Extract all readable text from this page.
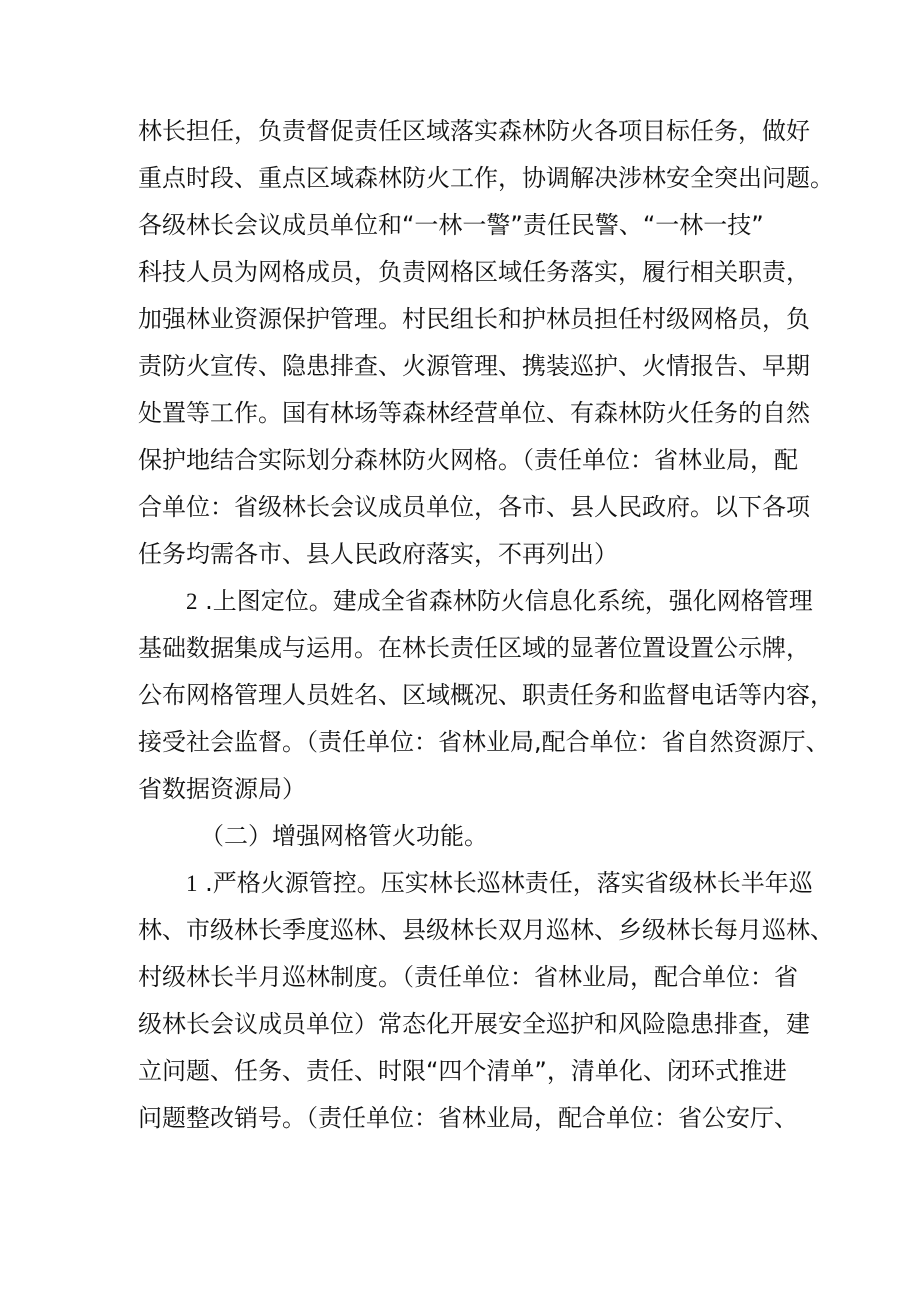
林长担任，负责督促责任区域落实森林防火各项目标任务，做好
重点时段、重点区域森林防火工作，协调解决涉林安全突出问题。
各级林长会议成员单位和“一林一警”责任民警、“一林一技”
科技人员为网格成员，负责网格区域任务落实，履行相关职责，
加强林业资源保护管理。村民组长和护林员担任村级网格员，负
责防火宣传、隐患排查、火源管理、携装巡护、火情报告、早期
处置等工作。国有林场等森林经营单位、有森林防火任务的自然
保护地结合实际划分森林防火网格。（责任单位：省林业局，配
合单位：省级林长会议成员单位，各市、县人民政府。以下各项
任务均需各市、县人民政府落实，不再列出）
2 .上图定位。建成全省森林防火信息化系统，强化网格管理
基础数据集成与运用。在林长责任区域的显著位置设置公示牌，
公布网格管理人员姓名、区域概况、职责任务和监督电话等内容，
接受社会监督。（责任单位：省林业局,配合单位：省自然资源厅、
省数据资源局）
（二）增强网格管火功能。
1 .严格火源管控。压实林长巡林责任，落实省级林长半年巡
林、市级林长季度巡林、县级林长双月巡林、乡级林长每月巡林、
村级林长半月巡林制度。（责任单位：省林业局，配合单位：省
级林长会议成员单位）常态化开展安全巡护和风险隐患排查，建
立问题、任务、责任、时限“四个清单”，清单化、闭环式推进
问题整改销号。（责任单位：省林业局，配合单位：省公安厅、
